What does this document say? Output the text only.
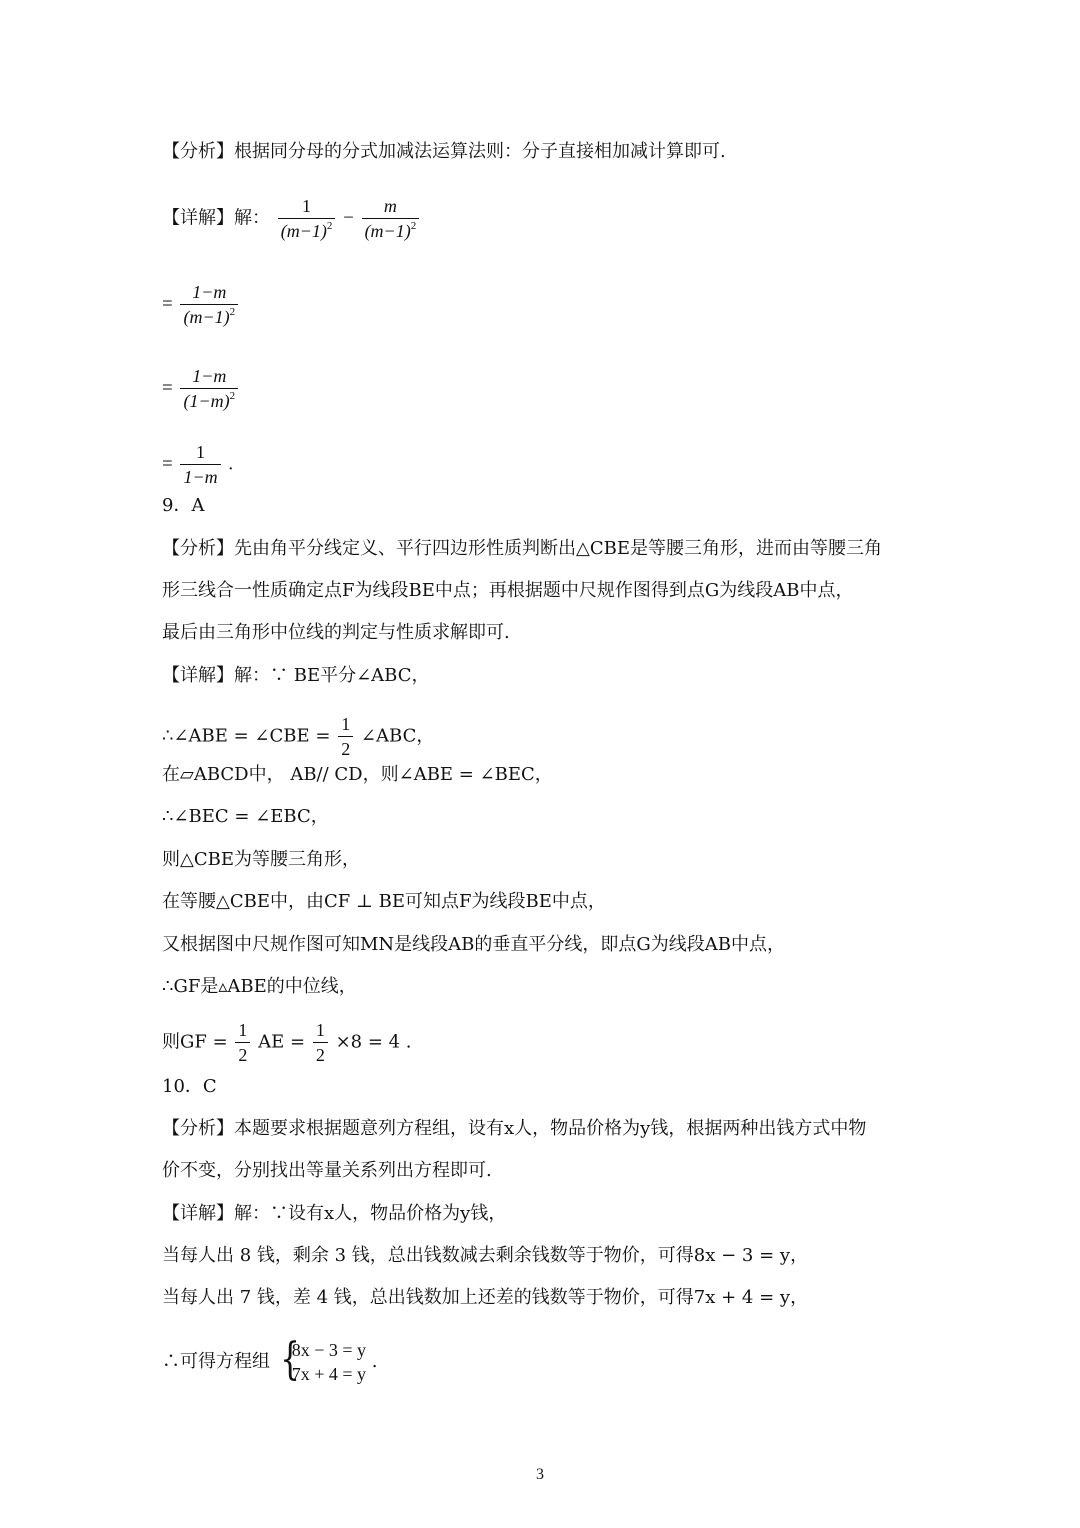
【分析】根据同分母的分式加减法运算法则：分子直接相加减计算即可.
【详解】解： $\frac{1}{(m-1)^2} - \frac{m}{(m-1)^2}$
= $\frac{1-m}{(m-1)^2}$
= $\frac{1-m}{(1-m)^2}$
= $\frac{1}{1-m}$ .
9．A
【分析】先由角平分线定义、平行四边形性质判断出△CBE是等腰三角形，进而由等腰三角
形三线合一性质确定点F为线段BE中点；再根据题中尺规作图得到点G为线段AB中点，
最后由三角形中位线的判定与性质求解即可.
【详解】解：∵ BE平分∠ABC，
∴∠ABE = ∠CBE = $\frac{1}{2}$ ∠ABC，
在▱ABCD中， AB// CD，则∠ABE = ∠BEC，
∴∠BEC = ∠EBC，
则△CBE为等腰三角形，
在等腰△CBE中，由CF ⊥ BE可知点F为线段BE中点，
又根据图中尺规作图可知MN是线段AB的垂直平分线，即点G为线段AB中点，
∴GF是▵ABE的中位线，
则GF = $\frac{1}{2}$ AE = $\frac{1}{2} \times 8 = 4$ .
10．C
【分析】本题要求根据题意列方程组，设有x人，物品价格为y钱，根据两种出钱方式中物
价不变，分别找出等量关系列出方程即可.
【详解】解：∵设有x人，物品价格为y钱，
当每人出 8 钱，剩余 3 钱，总出钱数减去剩余钱数等于物价，可得8x − 3 = y，
当每人出 7 钱，差 4 钱，总出钱数加上还差的钱数等于物价，可得7x + 4 = y，
∴可得方程组 {
8x − 3 = y
7x + 4 = y
.
3
